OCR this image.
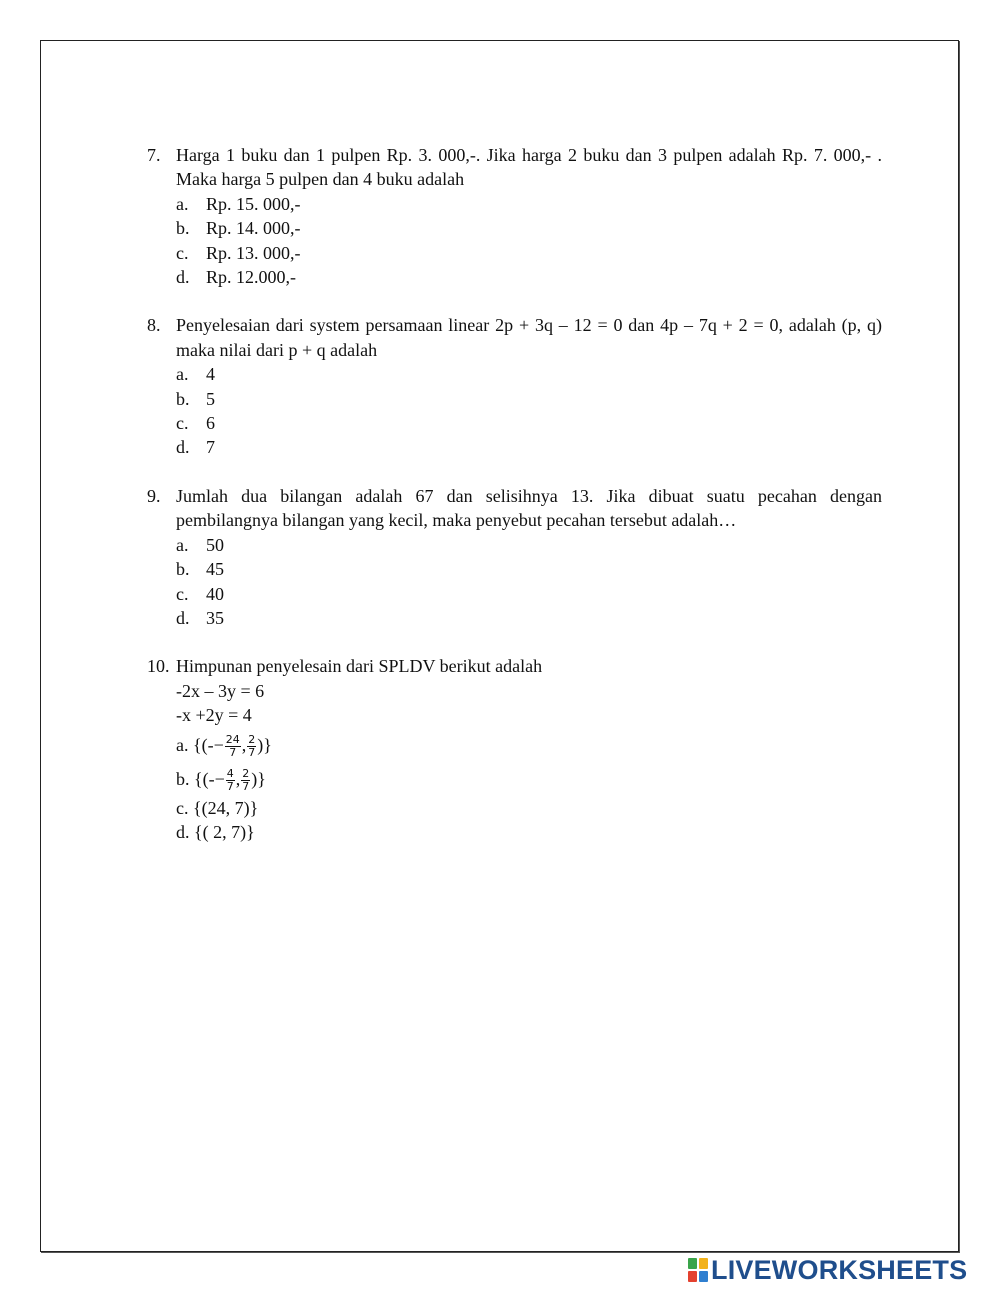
7. Harga 1 buku dan 1 pulpen Rp. 3. 000,-. Jika harga 2 buku dan 3 pulpen adalah Rp. 7. 000,- . Maka harga 5 pulpen dan 4 buku adalah
a. Rp. 15. 000,-
b. Rp. 14. 000,-
c. Rp. 13. 000,-
d. Rp. 12.000,-
8. Penyelesaian dari system persamaan linear 2p + 3q – 12 = 0 dan 4p – 7q + 2 = 0, adalah (p, q) maka nilai dari p + q adalah
a. 4
b. 5
c. 6
d. 7
9. Jumlah dua bilangan adalah 67 dan selisihnya 13. Jika dibuat suatu pecahan dengan pembilangnya bilangan yang kecil, maka penyebut pecahan tersebut adalah…
a. 50
b. 45
c. 40
d. 35
10. Himpunan penyelesain dari SPLDV berikut adalah
-2x – 3y = 6
-x +2y = 4
a. {(-− $\frac{24}{7}$ , $\frac{2}{7}$ )}
b. {(-− $\frac{4}{7}$ , $\frac{2}{7}$ )}
c. {(24, 7)}
d. {( 2, 7)}
LIVEWORKSHEETS
